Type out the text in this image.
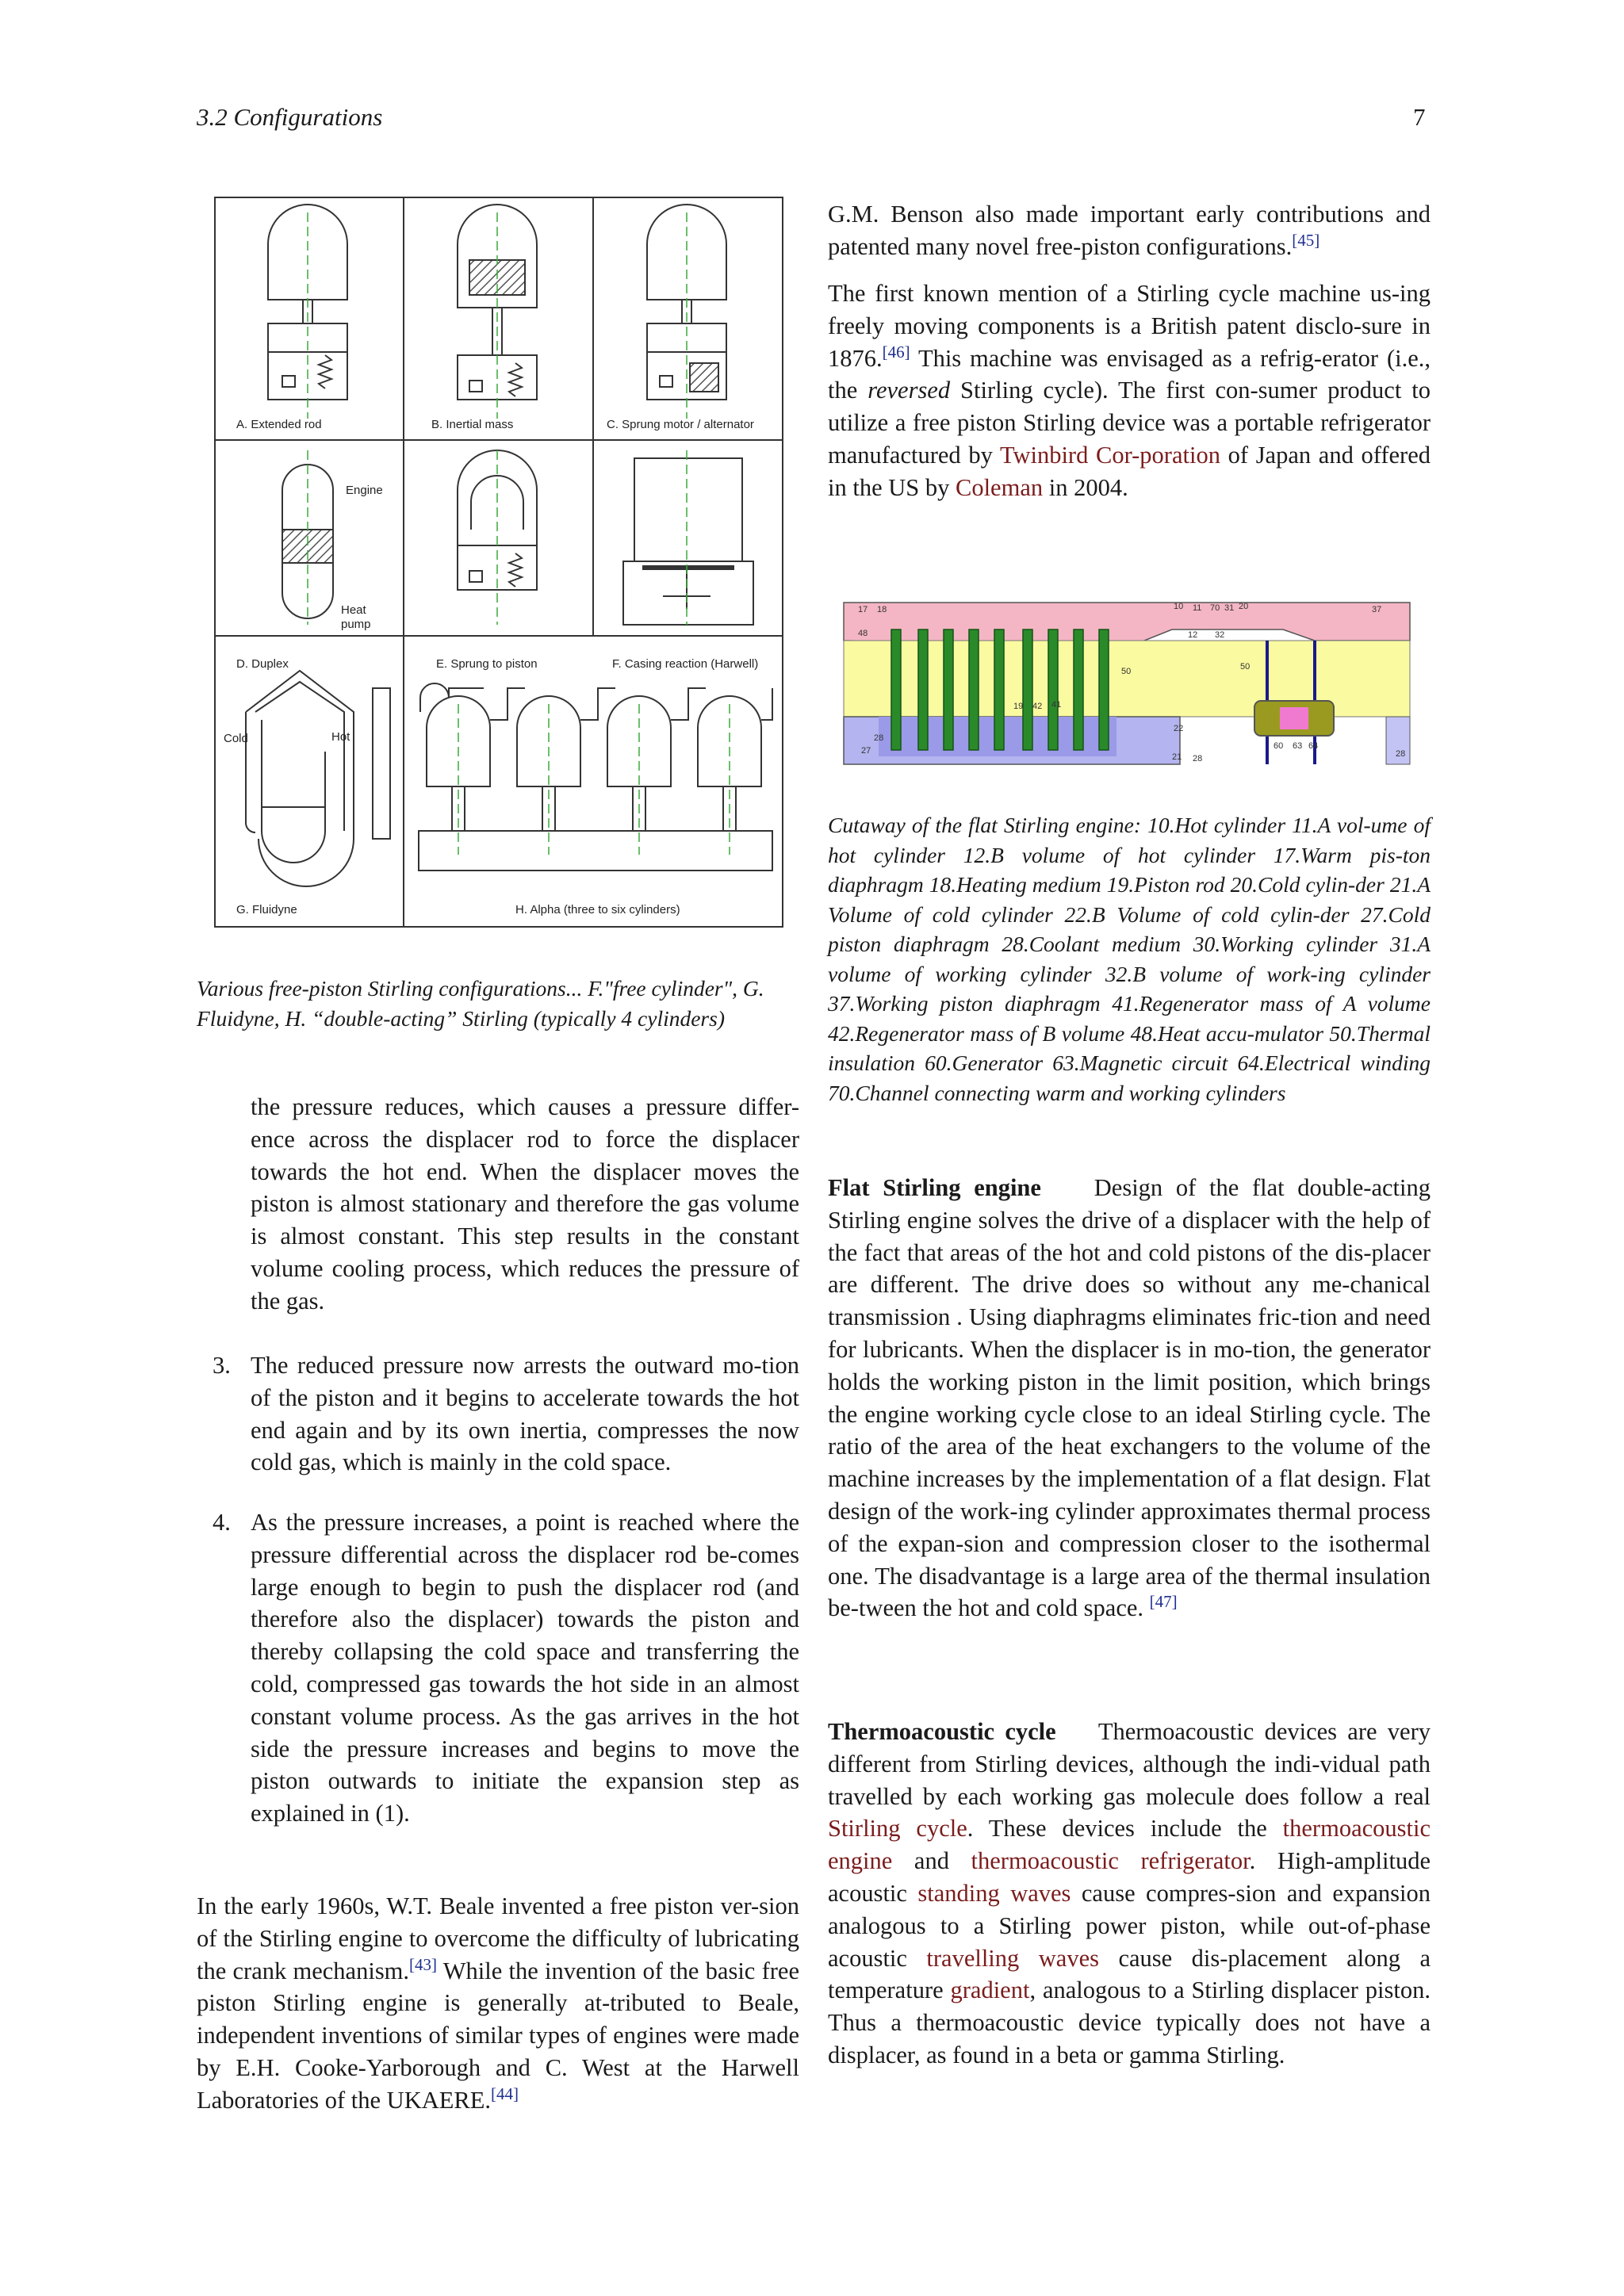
3.2 Configurations	7
A. Extended rod	B. Inertial mass	C. Sprung motor / alternator
Engine
Heat
pump
D. Duplex	E. Sprung to piston	F. Casing reaction (Harwell)
Cold	Hot
G. Fluidyne	H. Alpha (three to six cylinders)
Various free-piston Stirling configurations... F."free cylinder", G. Fluidyne, H. “double-acting” Stirling (typically 4 cylinders)

the pressure reduces, which causes a pressure differ-ence across the displacer rod to force the displacer towards the hot end. When the displacer moves the piston is almost stationary and therefore the gas volume is almost constant. This step results in the constant volume cooling process, which reduces the pressure of the gas.

3. The reduced pressure now arrests the outward mo-tion of the piston and it begins to accelerate towards the hot end again and by its own inertia, compresses the now cold gas, which is mainly in the cold space.

4. As the pressure increases, a point is reached where the pressure differential across the displacer rod be-comes large enough to begin to push the displacer rod (and therefore also the displacer) towards the piston and thereby collapsing the cold space and transferring the cold, compressed gas towards the hot side in an almost constant volume process. As the gas arrives in the hot side the pressure increases and begins to move the piston outwards to initiate the expansion step as explained in (1).

In the early 1960s, W.T. Beale invented a free piston ver-sion of the Stirling engine to overcome the difficulty of lubricating the crank mechanism.[43] While the invention of the basic free piston Stirling engine is generally at-tributed to Beale, independent inventions of similar types of engines were made by E.H. Cooke-Yarborough and C. West at the Harwell Laboratories of the UKAERE.[44]

G.M. Benson also made important early contributions and patented many novel free-piston configurations.[45]

The first known mention of a Stirling cycle machine us-ing freely moving components is a British patent disclo-sure in 1876.[46] This machine was envisaged as a refrig-erator (i.e., the reversed Stirling cycle). The first con-sumer product to utilize a free piston Stirling device was a portable refrigerator manufactured by Twinbird Cor-poration of Japan and offered in the US by Coleman in 2004.

17 18	10 11 70 31 20	37
48	12 32
50	50
19 42 41
22
28
27
21 28
60 63 64
28
Cutaway of the flat Stirling engine: 10.Hot cylinder 11.A vol-ume of hot cylinder 12.B volume of hot cylinder 17.Warm pis-ton diaphragm 18.Heating medium 19.Piston rod 20.Cold cylin-der 21.A Volume of cold cylinder 22.B Volume of cold cylin-der 27.Cold piston diaphragm 28.Coolant medium 30.Working cylinder 31.A volume of working cylinder 32.B volume of work-ing cylinder 37.Working piston diaphragm 41.Regenerator mass of A volume 42.Regenerator mass of B volume 48.Heat accu-mulator 50.Thermal insulation 60.Generator 63.Magnetic circuit 64.Electrical winding 70.Channel connecting warm and working cylinders

Flat Stirling engine Design of the flat double-acting Stirling engine solves the drive of a displacer with the help of the fact that areas of the hot and cold pistons of the dis-placer are different. The drive does so without any me-chanical transmission . Using diaphragms eliminates fric-tion and need for lubricants. When the displacer is in mo-tion, the generator holds the working piston in the limit position, which brings the engine working cycle close to an ideal Stirling cycle. The ratio of the area of the heat exchangers to the volume of the machine increases by the implementation of a flat design. Flat design of the work-ing cylinder approximates thermal process of the expan-sion and compression closer to the isothermal one. The disadvantage is a large area of the thermal insulation be-tween the hot and cold space. [47]

Thermoacoustic cycle Thermoacoustic devices are very different from Stirling devices, although the indi-vidual path travelled by each working gas molecule does follow a real Stirling cycle. These devices include the thermoacoustic engine and thermoacoustic refrigerator. High-amplitude acoustic standing waves cause compres-sion and expansion analogous to a Stirling power piston, while out-of-phase acoustic travelling waves cause dis-placement along a temperature gradient, analogous to a Stirling displacer piston. Thus a thermoacoustic device typically does not have a displacer, as found in a beta or gamma Stirling.
